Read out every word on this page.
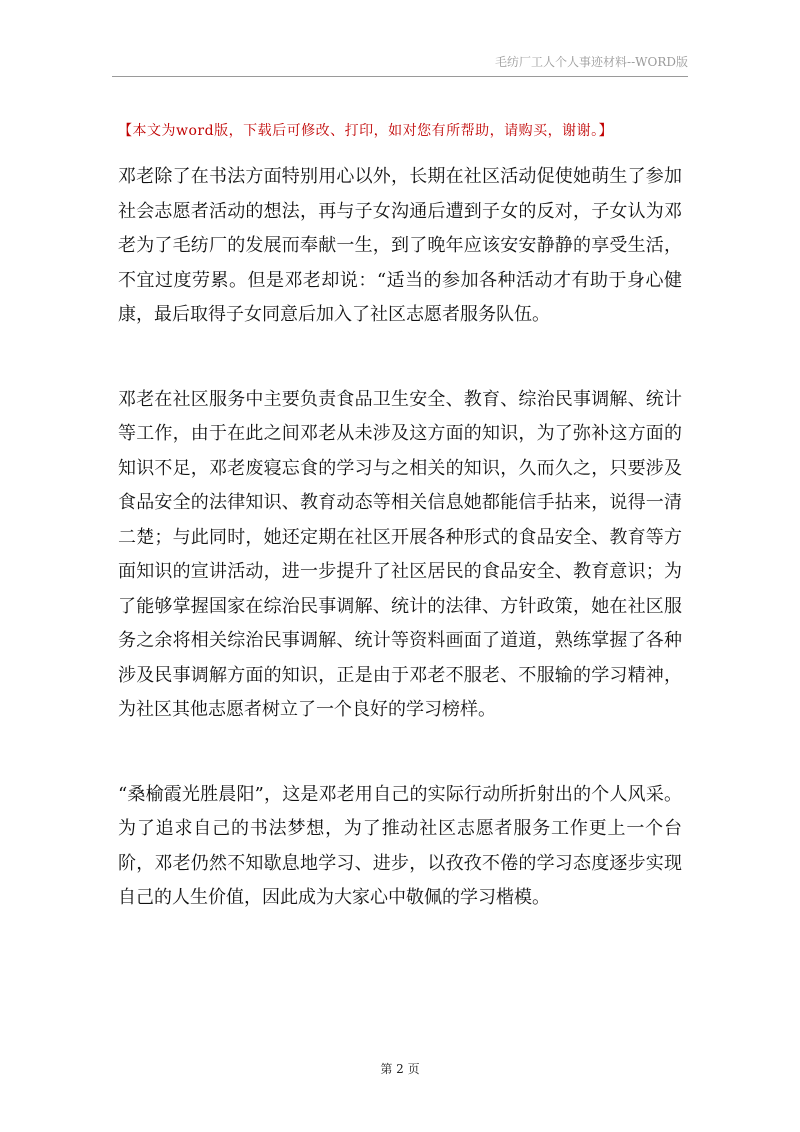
毛纺厂工人个人事迹材料--WORD版
【本文为word版，下载后可修改、打印，如对您有所帮助，请购买，谢谢。】

邓老除了在书法方面特别用心以外，长期在社区活动促使她萌生了参加社会志愿者活动的想法，再与子女沟通后遭到子女的反对，子女认为邓老为了毛纺厂的发展而奉献一生，到了晚年应该安安静静的享受生活，不宜过度劳累。但是邓老却说：“适当的参加各种活动才有助于身心健康，最后取得子女同意后加入了社区志愿者服务队伍。

邓老在社区服务中主要负责食品卫生安全、教育、综治民事调解、统计等工作，由于在此之间邓老从未涉及这方面的知识，为了弥补这方面的知识不足，邓老废寝忘食的学习与之相关的知识，久而久之，只要涉及食品安全的法律知识、教育动态等相关信息她都能信手拈来，说得一清二楚；与此同时，她还定期在社区开展各种形式的食品安全、教育等方面知识的宣讲活动，进一步提升了社区居民的食品安全、教育意识；为了能够掌握国家在综治民事调解、统计的法律、方针政策，她在社区服务之余将相关综治民事调解、统计等资料画面了道道，熟练掌握了各种涉及民事调解方面的知识，正是由于邓老不服老、不服输的学习精神，为社区其他志愿者树立了一个良好的学习榜样。

“桑榆霞光胜晨阳”，这是邓老用自己的实际行动所折射出的个人风采。为了追求自己的书法梦想，为了推动社区志愿者服务工作更上一个台阶，邓老仍然不知歇息地学习、进步，以孜孜不倦的学习态度逐步实现自己的人生价值，因此成为大家心中敬佩的学习楷模。

第 2 页
